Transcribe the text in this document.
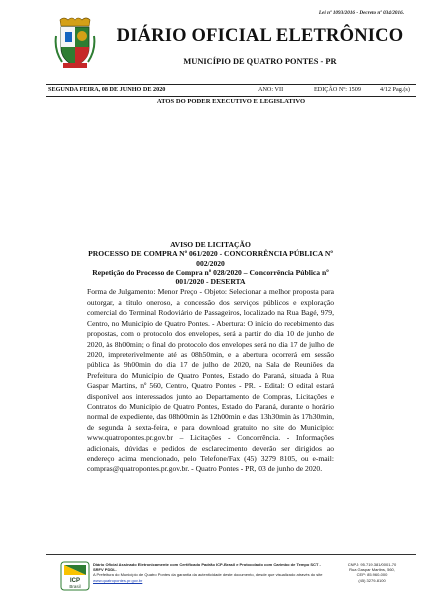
Lei nº 1093/2016 - Decreto nº 034/2016.
DIÁRIO OFICIAL ELETRÔNICO
MUNICÍPIO DE QUATRO PONTES - PR
SEGUNDA FEIRA, 08 DE JUNHO DE 2020	ANO: VII	EDIÇÃO Nº: 1509	4/12 Pag.(s)
ATOS DO PODER EXECUTIVO E LEGISLATIVO
AVISO DE LICITAÇÃO
PROCESSO DE COMPRA Nº 061/2020 - CONCORRÊNCIA PÚBLICA Nº 002/2020
Repetição do Processo de Compra nº 028/2020 – Concorrência Pública nº 001/2020 - DESERTA
Forma de Julgamento: Menor Preço - Objeto: Selecionar a melhor proposta para outorgar, a título oneroso, a concessão dos serviços públicos e exploração comercial do Terminal Rodoviário de Passageiros, localizado na Rua Bagé, 979, Centro, no Município de Quatro Pontes. - Abertura: O início do recebimento das propostas, com o protocolo dos envelopes, será a partir do dia 10 de junho de 2020, às 8h00min; o final do protocolo dos envelopes será no dia 17 de julho de 2020, impreterivelmente até as 08h50min, e a abertura ocorrerá em sessão pública às 9h00min do dia 17 de julho de 2020, na Sala de Reuniões da Prefeitura do Município de Quatro Pontes, Estado do Paraná, situada à Rua Gaspar Martins, nº 560, Centro, Quatro Pontes - PR. - Edital: O edital estará disponível aos interessados junto ao Departamento de Compras, Licitações e Contratos do Município de Quatro Pontes, Estado do Paraná, durante o horário normal de expediente, das 08h00min às 12h00min e das 13h30min às 17h30min, de segunda à sexta-feira, e para download gratuito no site do Município: www.quatropontes.pr.gov.br – Licitações - Concorrência. - Informações adicionais, dúvidas e pedidos de esclarecimento deverão ser dirigidos ao endereço acima mencionado, pelo Telefone/Fax (45) 3279 8105, ou e-mail: compras@quatropontes.pr.gov.br. - Quatro Pontes - PR, 03 de junho de 2020.
ICP
Brasil
Diário Oficial Assinado Eletronicamente com Certificado Padrão ICP-Brasil e Protocolado com Carimbo de Tempo SCT - SRFV PDDL.
A Prefeitura do Município de Quatro Pontes da garantia da autenticidade deste documento, desde que visualizado através do site www.quatropontes.pr.gov.br
CNPJ: 95.719.381/0001-70
Rua Gaspar Martins, 560,
CEP: 85.960-000
(45) 3279-8100
